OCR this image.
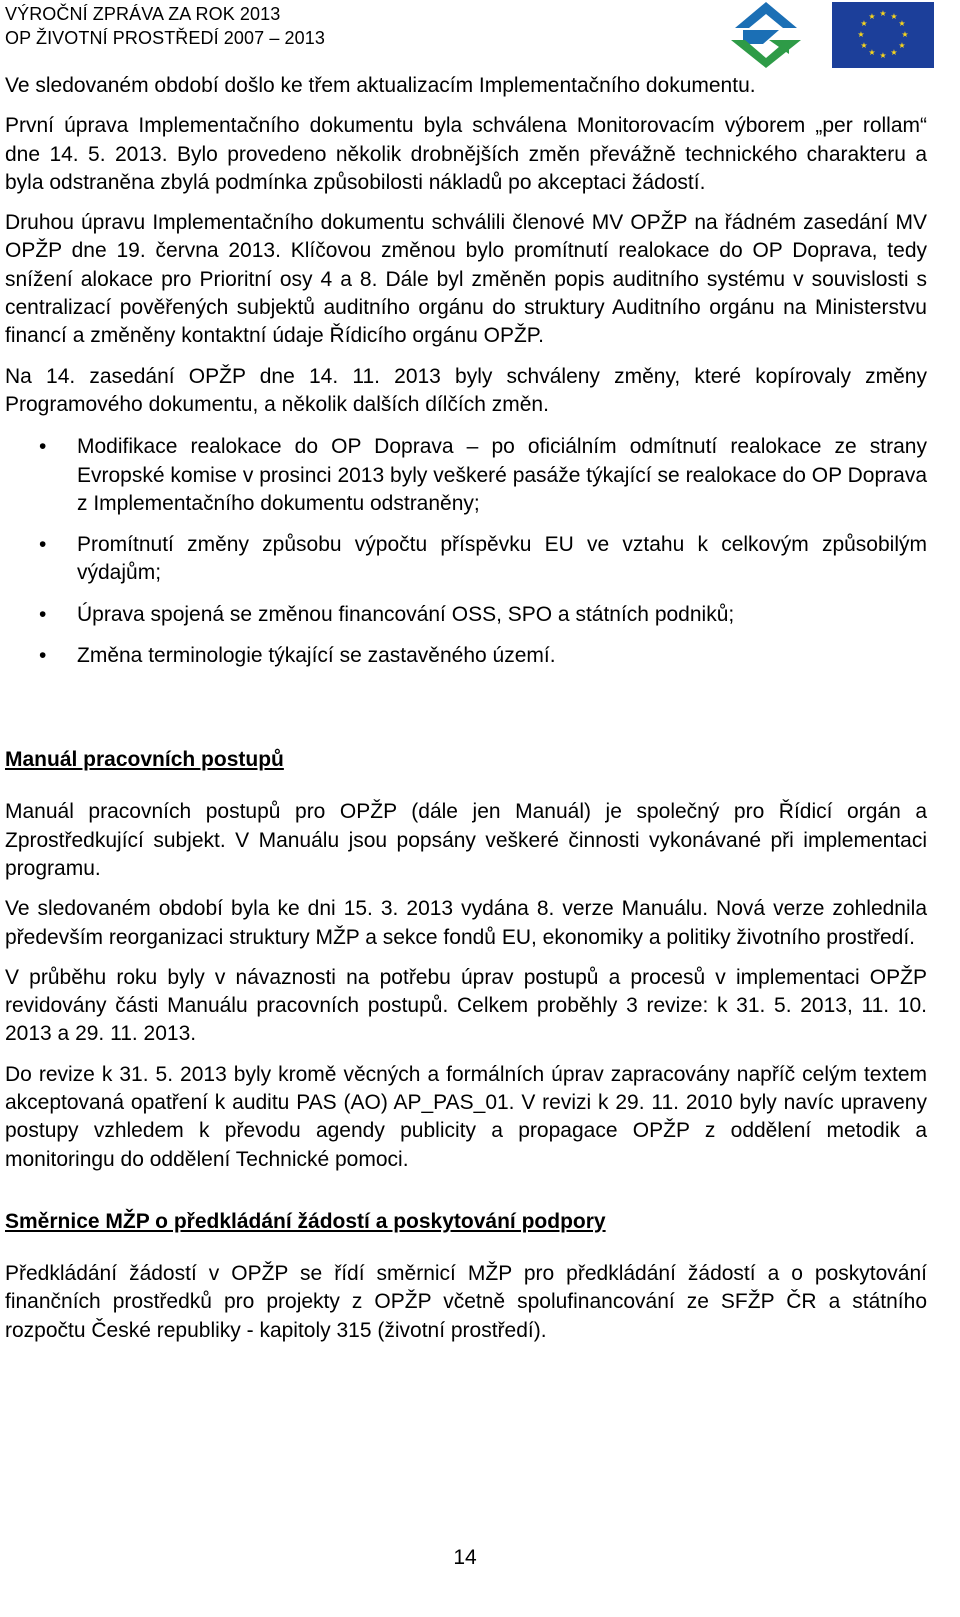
VÝROČNÍ ZPRÁVA ZA ROK 2013
OP ŽIVOTNÍ PROSTŘEDÍ 2007 – 2013
★ ★
★
★
★
★
★
★
★
★
★
★

Ve sledovaném období došlo ke třem aktualizacím Implementačního dokumentu.

První úprava Implementačního dokumentu byla schválena Monitorovacím výborem „per rollam“ dne 14. 5. 2013. Bylo provedeno několik drobnějších změn převážně technického charakteru a byla odstraněna zbylá podmínka způsobilosti nákladů po akceptaci žádostí.

Druhou úpravu Implementačního dokumentu schválili členové MV OPŽP na řádném zasedání MV OPŽP dne 19. června 2013. Klíčovou změnou bylo promítnutí realokace do OP Doprava, tedy snížení alokace pro Prioritní osy 4 a 8. Dále byl změněn popis auditního systému v souvislosti s centralizací pověřených subjektů auditního orgánu do struktury Auditního orgánu na Ministerstvu financí a změněny kontaktní údaje Řídicího orgánu OPŽP.

Na 14. zasedání OPŽP dne 14. 11. 2013 byly schváleny změny, které kopírovaly změny Programového dokumentu, a několik dalších dílčích změn.

• Modifikace realokace do OP Doprava – po oficiálním odmítnutí realokace ze strany Evropské komise v prosinci 2013 byly veškeré pasáže týkající se realokace do OP Doprava z Implementačního dokumentu odstraněny;
• Promítnutí změny způsobu výpočtu příspěvku EU ve vztahu k celkovým způsobilým výdajům;
• Úprava spojená se změnou financování OSS, SPO a státních podniků;
• Změna terminologie týkající se zastavěného území.
Manuál pracovních postupů

Manuál pracovních postupů pro OPŽP (dále jen Manuál) je společný pro Řídicí orgán a Zprostředkující subjekt. V Manuálu jsou popsány veškeré činnosti vykonávané při implementaci programu.

Ve sledovaném období byla ke dni 15. 3. 2013 vydána 8. verze Manuálu. Nová verze zohlednila především reorganizaci struktury MŽP a sekce fondů EU, ekonomiky a politiky životního prostředí.

V průběhu roku byly v návaznosti na potřebu úprav postupů a procesů v implementaci OPŽP revidovány části Manuálu pracovních postupů. Celkem proběhly 3 revize: k 31. 5. 2013, 11. 10. 2013 a 29. 11. 2013.

Do revize k 31. 5. 2013 byly kromě věcných a formálních úprav zapracovány napříč celým textem akceptovaná opatření k auditu PAS (AO) AP_PAS_01. V revizi k 29. 11. 2010 byly navíc upraveny postupy vzhledem k převodu agendy publicity a propagace OPŽP z oddělení metodik a monitoringu do oddělení Technické pomoci.

Směrnice MŽP o předkládání žádostí a poskytování podpory

Předkládání žádostí v OPŽP se řídí směrnicí MŽP pro předkládání žádostí a o poskytování finančních prostředků pro projekty z OPŽP včetně spolufinancování ze SFŽP ČR a státního rozpočtu České republiky - kapitoly 315 (životní prostředí).

14
